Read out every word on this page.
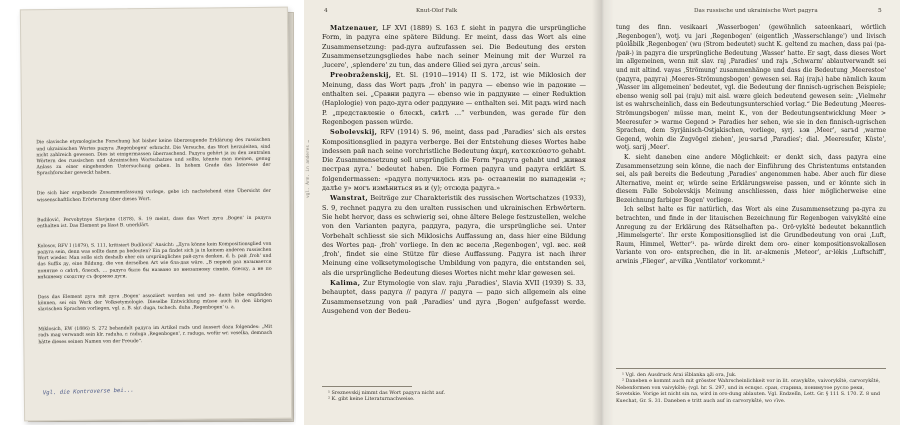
Die slavische etymologische Forschung hat bisher keine überzeugende Erklärung des russischen und ukrainischen Wortes радуга ‚Regenbogen' erbracht. Die Versuche, das Wort herzuleiten, sind nicht zahlreich gewesen. Dies ist einigermassen überraschend. Радуга gehört ja zu den zentralen Wörtern des russischen und ukrainischen Wortschatzes und sollte, könnte man meinen, genug Anlass zu einer eingehenden Untersuchung geben. In hohem Grade das Interesse der Sprachforscher geweckt haben.

Die sich hier ergebende Zusammenfassung vorlege, gebe ich nachstehend eine Übersicht der wissenschaftlichen Erörterung über dieses Wort.

Budilović, Pervobytnye Slavjane (1878), S. 19 meint, dass das Wort дуга ‚Bogen' in радуга enthalten ist. Das Element ра lässt B. unerklärt.

Kolosov, RFV I (1879), S. 111, kritisiert Budilović' Ansicht: „Дуга könne kein Kompositionsglied von радуга sein, denn was sollte dann ра bedeuten? Ein ра findet sich ja in keinem anderen russischen Wort wieder. Man solle sich deshalb eher ein ursprüngliches рай-дуга denken, d. h. рай ‚froh' und das Suffix ду, eine Bildung, die von derselben Art wie бла-дая wäre. „В первой раз называется понятие о свѣтѣ, блескѣ, … радуга было бы названо по внезапному сіянію, блеску, а не по внѣшнему сходству съ формою дуги.

Dass das Element дуга mit дуга ‚Bogen' assoziiert worden sei und зо- dann habe empfinden können, sei ein Werk der Volksetymologie. Dieselbe Entwicklung müsse auch in den übrigen slavischen Sprachen vorliegen, vgl. z. B. skr. duga, tschech. duha ‚Regenbogen' u. a.

Miklosich, EW (1886) S. 272 behandelt радуга im Artikel radъ und äussert dazu folgendes: „Mit radъ mag verwandt sein klr. raduha, r. raduga ‚Regenbogen', r. raduga, wofür wr. veselka, demnach hätte dieses seinen Namen von der Freude“.

Vgl. die Kontroverse bei...
4	Knut-Olof Falk
vgl. Arm. in anderes …
Matzenauer, LF XVI (1889) S. 163 f. sieht in радуга die ursprüngliche Form, in радуга eine spätere Bildung. Er meint, dass das Wort als eine Zusammensetzung: раd-дуга aufzufassen sei. Die Bedeutung des ersten Zusammensetzungsgliedes habe nach seiner Meinung mit der Wurzel ra ‚lucere', ‚splendere' zu tun, das andere Glied sei дуга ‚arcus' sein.
Preobraženskij, Et. Sl. (1910—1914) II S. 172, ist wie Miklosich der Meinung, dass das Wort радъ ‚froh' in радуга — ebenso wie in радоние — enthalten sei. „Сравни радуга — ebenso wie in раддуние — einer Reduktion (Haplologie) von радо-дуга oder раддуние — enthalten sei. Mit радъ wird nach P. „представленіе о блескѣ, свѣтѣ …“ verbunden, was gerade für den Regenbogen passen würde.
Sobolevskij, RFV (1914) S. 96, meint, dass раd ‚Paradies' sich als erstes Kompositionsglied in радуга verberge. Bei der Entstehung dieses Wortes habe indessen рай nach seine vorchristliche Bedeutung ἀκμή, κατεσκεύαστο gehabt. Die Zusammensetzung soll ursprünglich die Form *радуга gehabt und ‚живая пестрая дуга.' bedeutet haben. Die Formen радуга und радуга erklärt S. folgendermassen: «радуга получилось изъ ра- оставленіи по выпаденіи «; далѣе у» могъ измѣниться въ и (у); отсюда радуга.»
Wanstrat, Beiträge zur Charakteristik des russischen Wortschatzes (1933), S. 9, rechnet радуга zu den uralten russischen und ukrainischen Erbwörtern. Sie hebt hervor, dass es schwierig sei, ohne ältere Belege festzustellen, welche von den Varianten радуга, раддуга, радуга, die ursprüngliche sei. Unter Vorbehalt schliesst sie sich Miklosichs Auffassung an, dass hier eine Bildung des Wortes рад- ‚froh' vorliege. In den вс весела ‚Regenbogen', vgl. вес. ней ‚froh', findet sie eine Stütze für diese Auffassung. Радуга ist nach ihrer Meinung eine volksetymologische Umbildung von радуга, die entstanden sei, als die ursprüngliche Bedeutung dieses Wortes nicht mehr klar gewesen sei.
Kalima, Zur Etymologie von slav. raju ‚Paradies', Slavia XVII (1939) S. 33, behauptet, dass радуга // радуга // радуга — радо sich allgemein als eine Zusammensetzung von рай ‚Paradies' und дуга ‚Bogen' aufgefasst werde. Ausgehend von der Bedeu-
¹ Sreznevskij nimmt das Wort радуга nicht auf.
² K. gibt keine Literaturnachweise.
Das russische und ukrainische Wort радуга	5
tung des finn. vesikaari ‚Wasserbogen' (gewöhnlich sateenkaari, wörtlich ‚Regenbogen'), wotj. vu jaгi ‚Regenbogen' (eigentlich ‚Wasserschlange') und livisch pūolǟbilk ‚Regenbogen' (wu (Strom bedeutet) sucht K. geltend zu machen, dass pai (ра- /рай-) in радуга die ursprüngliche Bedeutung ‚Wasser' hatte. Er sagt, dass dieses Wort im allgemeinen, wenn mit slav. raj ‚Paradies' und rajъ ‚Schwarm' ablautverwandt sei und mit altind. vayas ‚Strömung' zusammenhänge und dass die Bedeutung ‚Meerestoe' (радуга, радуга) ‚Meeres-Strömungsbogen' gewesen sei. Raj (rajъ) habe nämlich kaum ‚Wasser im allgemeinen' bedeutet, vgl. die Bedeutung der finnisch-ugrischen Beispiele; ebenso wenig soll pai (raju) mit aisl. wære gleich bedeutend gewesen sein: „Vielmehr ist es wahrscheinlich, dass ein Bedeutungsunterschied vorlag.“ Die Bedeutung ‚Meeres-Strömungsbogen' müsse man, meint K., von der Bedeutungsentwicklung Meer > Meeresufer > warme Gegend > Paradies her sehen, wie sie in den finnisch-ugrischen Sprachen, dem Syrjänisch-Ostjakischen, vorliege, syrj. ьэв ‚Meer', sarъd ‚warme Gegend, wohin die Zugvögel ziehen', jeu·sarъd ‚Paradies'; dial. ‚Meeresufer, Küste', wotj. sarij ‚Meer'.
K. sieht daneben eine andere Möglichkeit: er denkt sich, dass радуга eine Zusammensetzung sein könne, die nach der Einführung des Christentums entstanden sei, als pай bereits die Bedeutung ‚Paradies' angenommen habe. Aber auch für diese Alternative, meint er, würde seine Erklärungsweise passen, und er könnte sich in diesem Falle Sobolevskijs Meinung anschliessen, dass hier möglicherweise eine Bezeichnung farbiger Bogen' vorliege.
Ich selbst halte es für natürlich, das Wort als eine Zusammensetzung pa-дуга zu betrachten, und finde in der litauischen Bezeichnung für Regenbogen vaivykštė eine Anregung zu der Erklärung des Rätselhaften ра-. Orō·vykštė bedeutet bekanntlich ‚Himmelsgerte'. Ihr erste Kompositionsglied ist die Grundbedeutung von orai ‚Luft, Raum, Himmel, Wetter'¹. ра- würde direkt dem oro- einer kompositionsvokallosen Variante von oro- entsprechen, die in lit. ar-akmenis ‚Meteor', ar·lėkis ‚Luftschiff', arwinis ‚Flieger', ar·vilka ‚Ventilator' vorkommt.²
¹ Vgl. den Ausdruck Arai išblanka ąži ora, Juk.
² Daneben e kommt auch mit grösster Wahrscheinlichkeit vor in lit. oravykšte, vaivorykštė, carvorykštė, Nebenformen von vaivykštė; (vgl. hr. S. 297, und in ecnqsc. сран, старина, понимутое русло реки, Sovetskie. Vorige ist nicht sin na, wird in oro·dung ablauten. Vgl. Endzelīn, Lett. Gr. § 111 S. 170. Z. 8 und Kuechat, Gr. S. 31. Daneben e tritt auch auf in carvorykštė, wo √ive.
